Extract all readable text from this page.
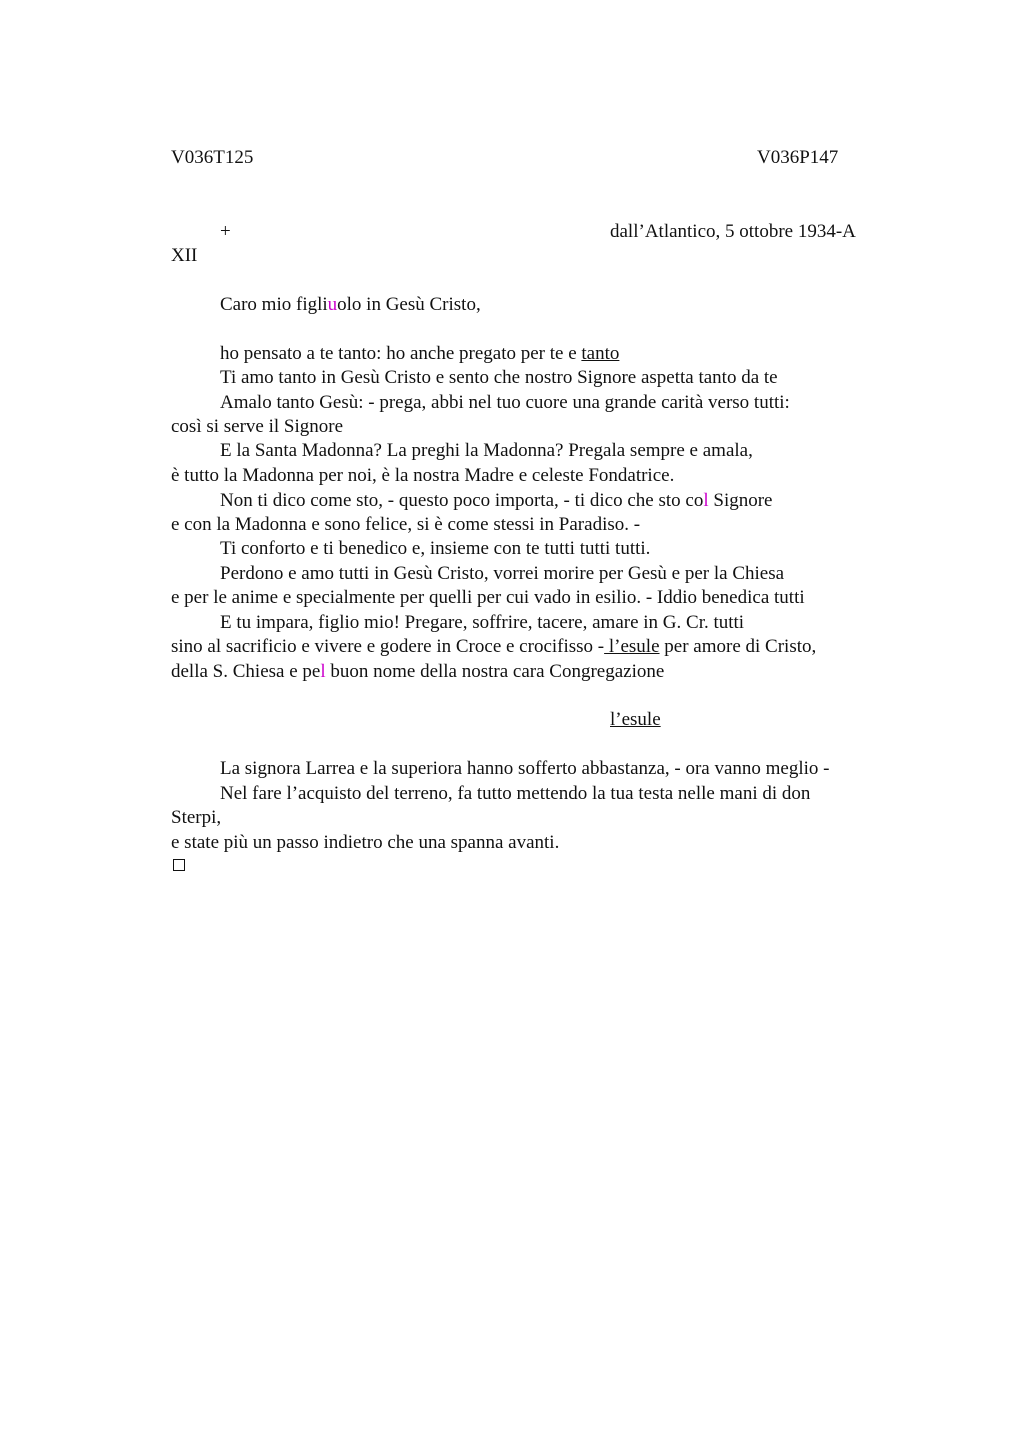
V036T125	V036P147
+	dall’Atlantico, 5 ottobre 1934-A
XII
Caro mio figliuolo in Gesù Cristo,
ho pensato a te tanto: ho anche pregato per te e tanto
Ti amo tanto in Gesù Cristo e sento che nostro Signore aspetta tanto da te
Amalo tanto Gesù: - prega, abbi nel tuo cuore una grande carità verso tutti:
così si serve il Signore
E la Santa Madonna? La preghi la Madonna? Pregala sempre e amala,
è tutto la Madonna per noi, è la nostra Madre e celeste Fondatrice.
Non ti dico come sto, - questo poco importa, - ti dico che sto col Signore
e con la Madonna e sono felice, si è come stessi in Paradiso. -
Ti conforto e ti benedico e, insieme con te tutti tutti tutti.
Perdono e amo tutti in Gesù Cristo, vorrei morire per Gesù e per la Chiesa
e per le anime e specialmente per quelli per cui vado in esilio. - Iddio benedica tutti
E tu impara, figlio mio! Pregare, soffrire, tacere, amare in G. Cr. tutti
sino al sacrificio e vivere e godere in Croce e crocifisso - l’esule per amore di Cristo,
della S. Chiesa e pel buon nome della nostra cara Congregazione
l’esule
La signora Larrea e la superiora hanno sofferto abbastanza, - ora vanno meglio -
Nel fare l’acquisto del terreno, fa tutto mettendo la tua testa nelle mani di don
Sterpi,
e state più un passo indietro che una spanna avanti.
